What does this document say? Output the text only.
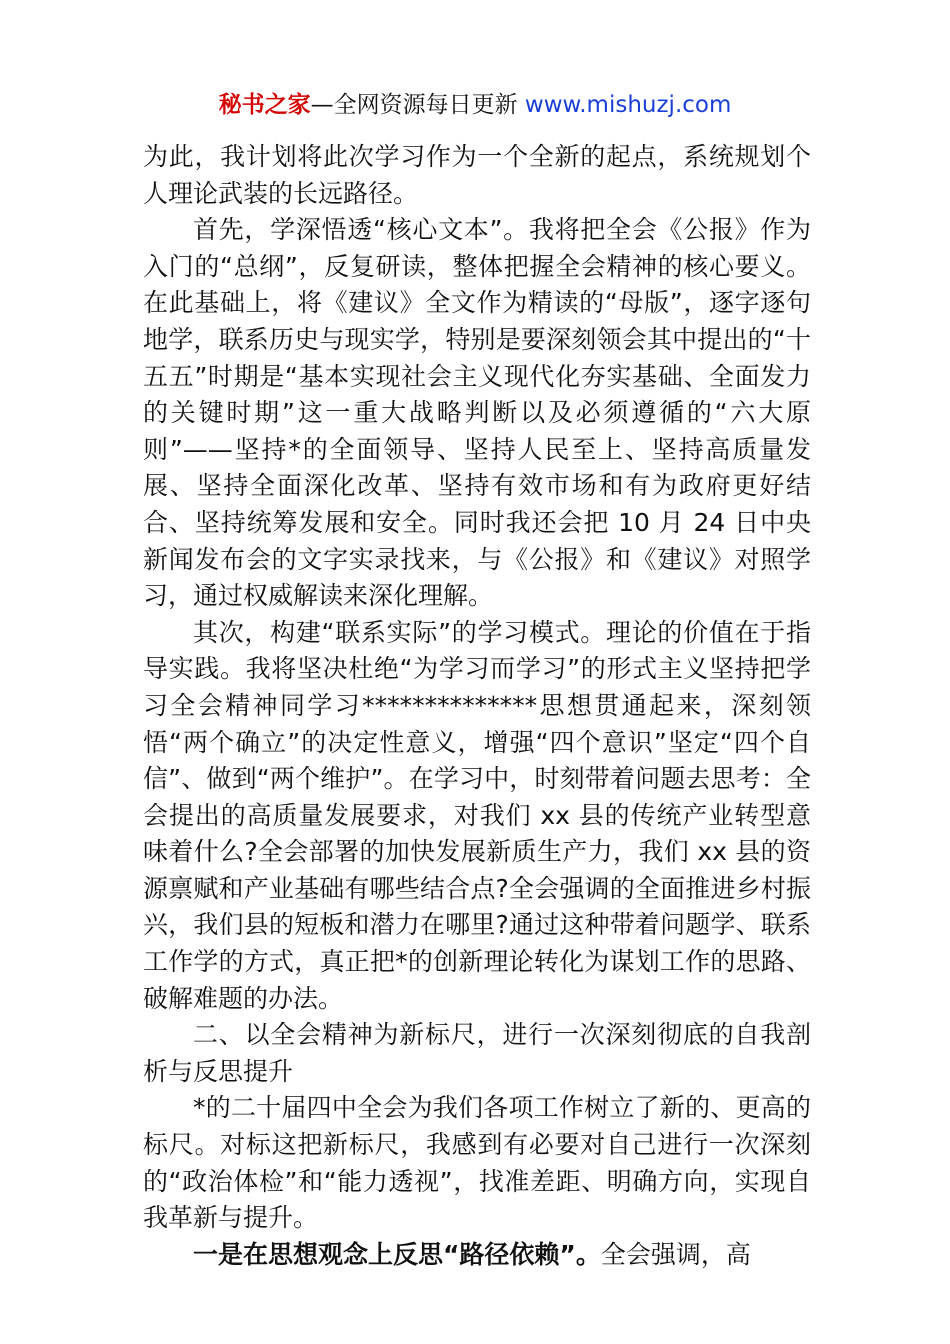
秘书之家—全网资源每日更新 www.mishuzj.com

为此，我计划将此次学习作为一个全新的起点，系统规划个人理论武装的长远路径。

首先，学深悟透“核心文本”。我将把全会《公报》作为入门的“总纲”，反复研读，整体把握全会精神的核心要义。在此基础上，将《建议》全文作为精读的“母版”，逐字逐句地学，联系历史与现实学，特别是要深刻领会其中提出的“十五五”时期是“基本实现社会主义现代化夯实基础、全面发力的关键时期”这一重大战略判断以及必须遵循的“六大原则”——坚持*的全面领导、坚持人民至上、坚持高质量发展、坚持全面深化改革、坚持有效市场和有为政府更好结合、坚持统筹发展和安全。同时我还会把 10 月 24 日中央新闻发布会的文字实录找来，与《公报》和《建议》对照学习，通过权威解读来深化理解。

其次，构建“联系实际”的学习模式。理论的价值在于指导实践。我将坚决杜绝“为学习而学习”的形式主义坚持把学习全会精神同学习**************思想贯通起来，深刻领悟“两个确立”的决定性意义，增强“四个意识”坚定“四个自信”、做到“两个维护”。在学习中，时刻带着问题去思考：全会提出的高质量发展要求，对我们 xx 县的传统产业转型意味着什么?全会部署的加快发展新质生产力，我们 xx 县的资源禀赋和产业基础有哪些结合点?全会强调的全面推进乡村振兴，我们县的短板和潜力在哪里?通过这种带着问题学、联系工作学的方式，真正把*的创新理论转化为谋划工作的思路、破解难题的办法。

二、以全会精神为新标尺，进行一次深刻彻底的自我剖析与反思提升

*的二十届四中全会为我们各项工作树立了新的、更高的标尺。对标这把新标尺，我感到有必要对自己进行一次深刻的“政治体检”和“能力透视”，找准差距、明确方向，实现自我革新与提升。

一是在思想观念上反思“路径依赖”。全会强调，高
